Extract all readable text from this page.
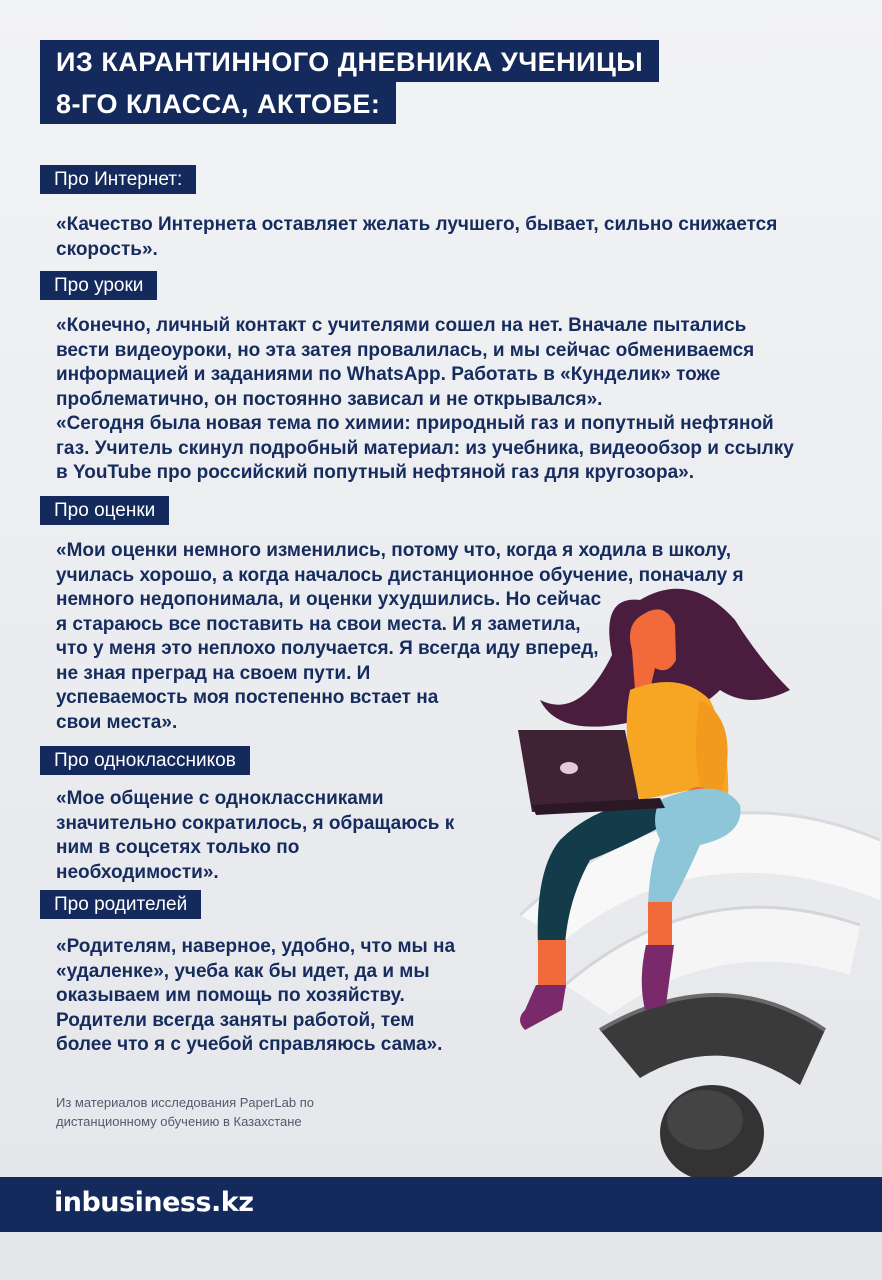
ИЗ КАРАНТИННОГО ДНЕВНИКА УЧЕНИЦЫ
8-ГО КЛАССА, АКТОБЕ:
Про Интернет:

«Качество Интернета оставляет желать лучшего, бывает, сильно снижается
скорость».

Про уроки

«Конечно, личный контакт с учителями сошел на нет. Вначале пытались
вести видеоуроки, но эта затея провалилась, и мы сейчас обмениваемся
информацией и заданиями по WhatsApp. Работать в «Кунделик» тоже
проблематично, он постоянно зависал и не открывался».
«Сегодня была новая тема по химии: природный газ и попутный нефтяной
газ. Учитель скинул подробный материал: из учебника, видеообзор и ссылку
в YouTube про российский попутный нефтяной газ для кругозора».

Про оценки

«Мои оценки немного изменились, потому что, когда я ходила в школу,
училась хорошо, а когда началось дистанционное обучение, поначалу я
немного недопонимала, и оценки ухудшились. Но сейчас
я стараюсь все поставить на свои места. И я заметила,
что у меня это неплохо получается. Я всегда иду вперед,
не зная преград на своем пути. И
успеваемость моя постепенно встает на
свои места».

Про одноклассников

«Мое общение с одноклассниками
значительно сократилось, я обращаюсь к
ним в соцсетях только по
необходимости».

Про родителей

«Родителям, наверное, удобно, что мы на
«удаленке», учеба как бы идет, да и мы
оказываем им помощь по хозяйству.
Родители всегда заняты работой, тем
более что я с учебой справляюсь сама».

Из материалов исследования PaperLab по
дистанционному обучению в Казахстане
inbusiness.kz
